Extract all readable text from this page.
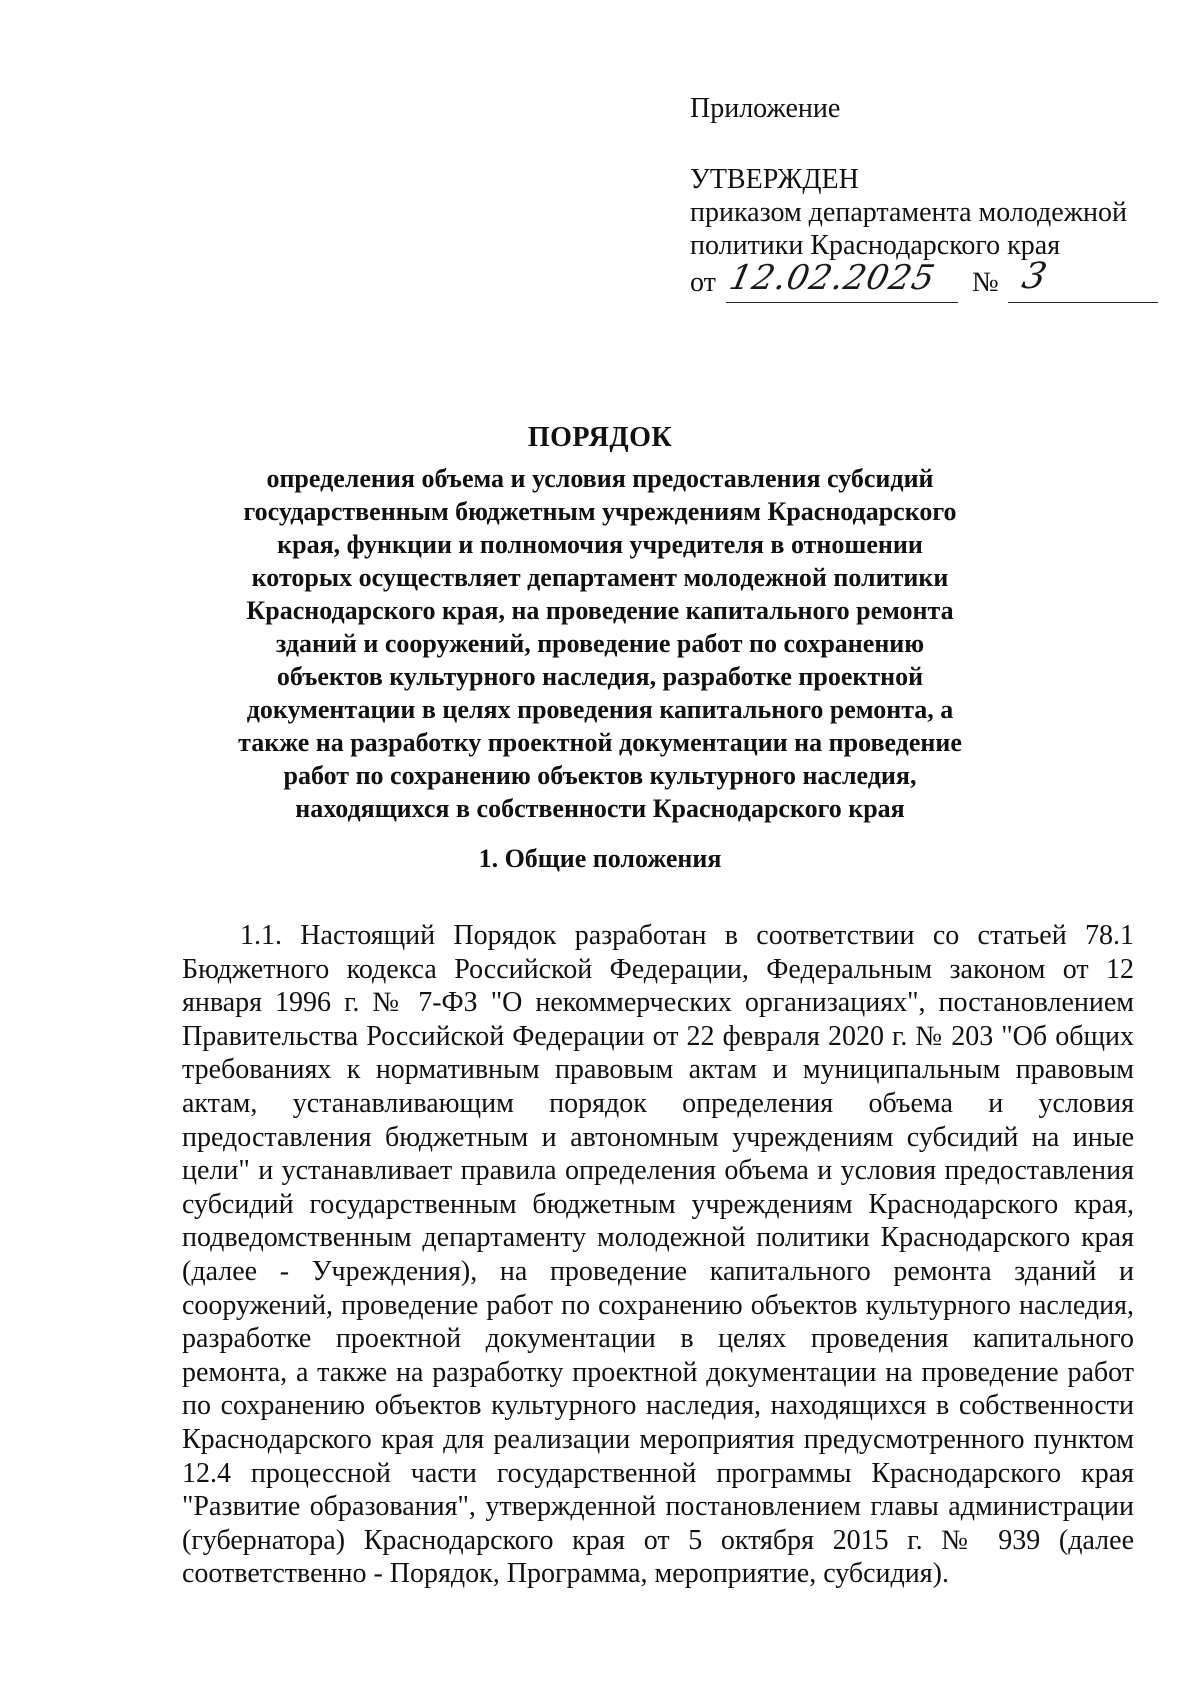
Приложение

УТВЕРЖДЕН

приказом департамента молодежной

политики Краснодарского края

от 12.02.2025 № 3
ПОРЯДОК

определения объема и условия предоставления субсидий
государственным бюджетным учреждениям Краснодарского
края, функции и полномочия учредителя в отношении
которых осуществляет департамент молодежной политики
Краснодарского края, на проведение капитального ремонта
зданий и сооружений, проведение работ по сохранению
объектов культурного наследия, разработке проектной
документации в целях проведения капитального ремонта, а
также на разработку проектной документации на проведение
работ по сохранению объектов культурного наследия,
находящихся в собственности Краснодарского края

1. Общие положения

1.1. Настоящий Порядок разработан в соответствии со статьей 78.1
Бюджетного кодекса Российской Федерации, Федеральным законом от 12
января 1996 г. № 7-ФЗ "О некоммерческих организациях", постановлением
Правительства Российской Федерации от 22 февраля 2020 г. № 203 "Об общих
требованиях к нормативным правовым актам и муниципальным правовым
актам, устанавливающим порядок определения объема и условия
предоставления бюджетным и автономным учреждениям субсидий на иные
цели" и устанавливает правила определения объема и условия предоставления
субсидий государственным бюджетным учреждениям Краснодарского края,
подведомственным департаменту молодежной политики Краснодарского края
(далее - Учреждения), на проведение капитального ремонта зданий и
сооружений, проведение работ по сохранению объектов культурного наследия,
разработке проектной документации в целях проведения капитального
ремонта, а также на разработку проектной документации на проведение работ
по сохранению объектов культурного наследия, находящихся в собственности
Краснодарского края для реализации мероприятия предусмотренного пунктом
12.4 процессной части государственной программы Краснодарского края
"Развитие образования", утвержденной постановлением главы администрации
(губернатора) Краснодарского края от 5 октября 2015 г. № 939 (далее
соответственно - Порядок, Программа, мероприятие, субсидия).
